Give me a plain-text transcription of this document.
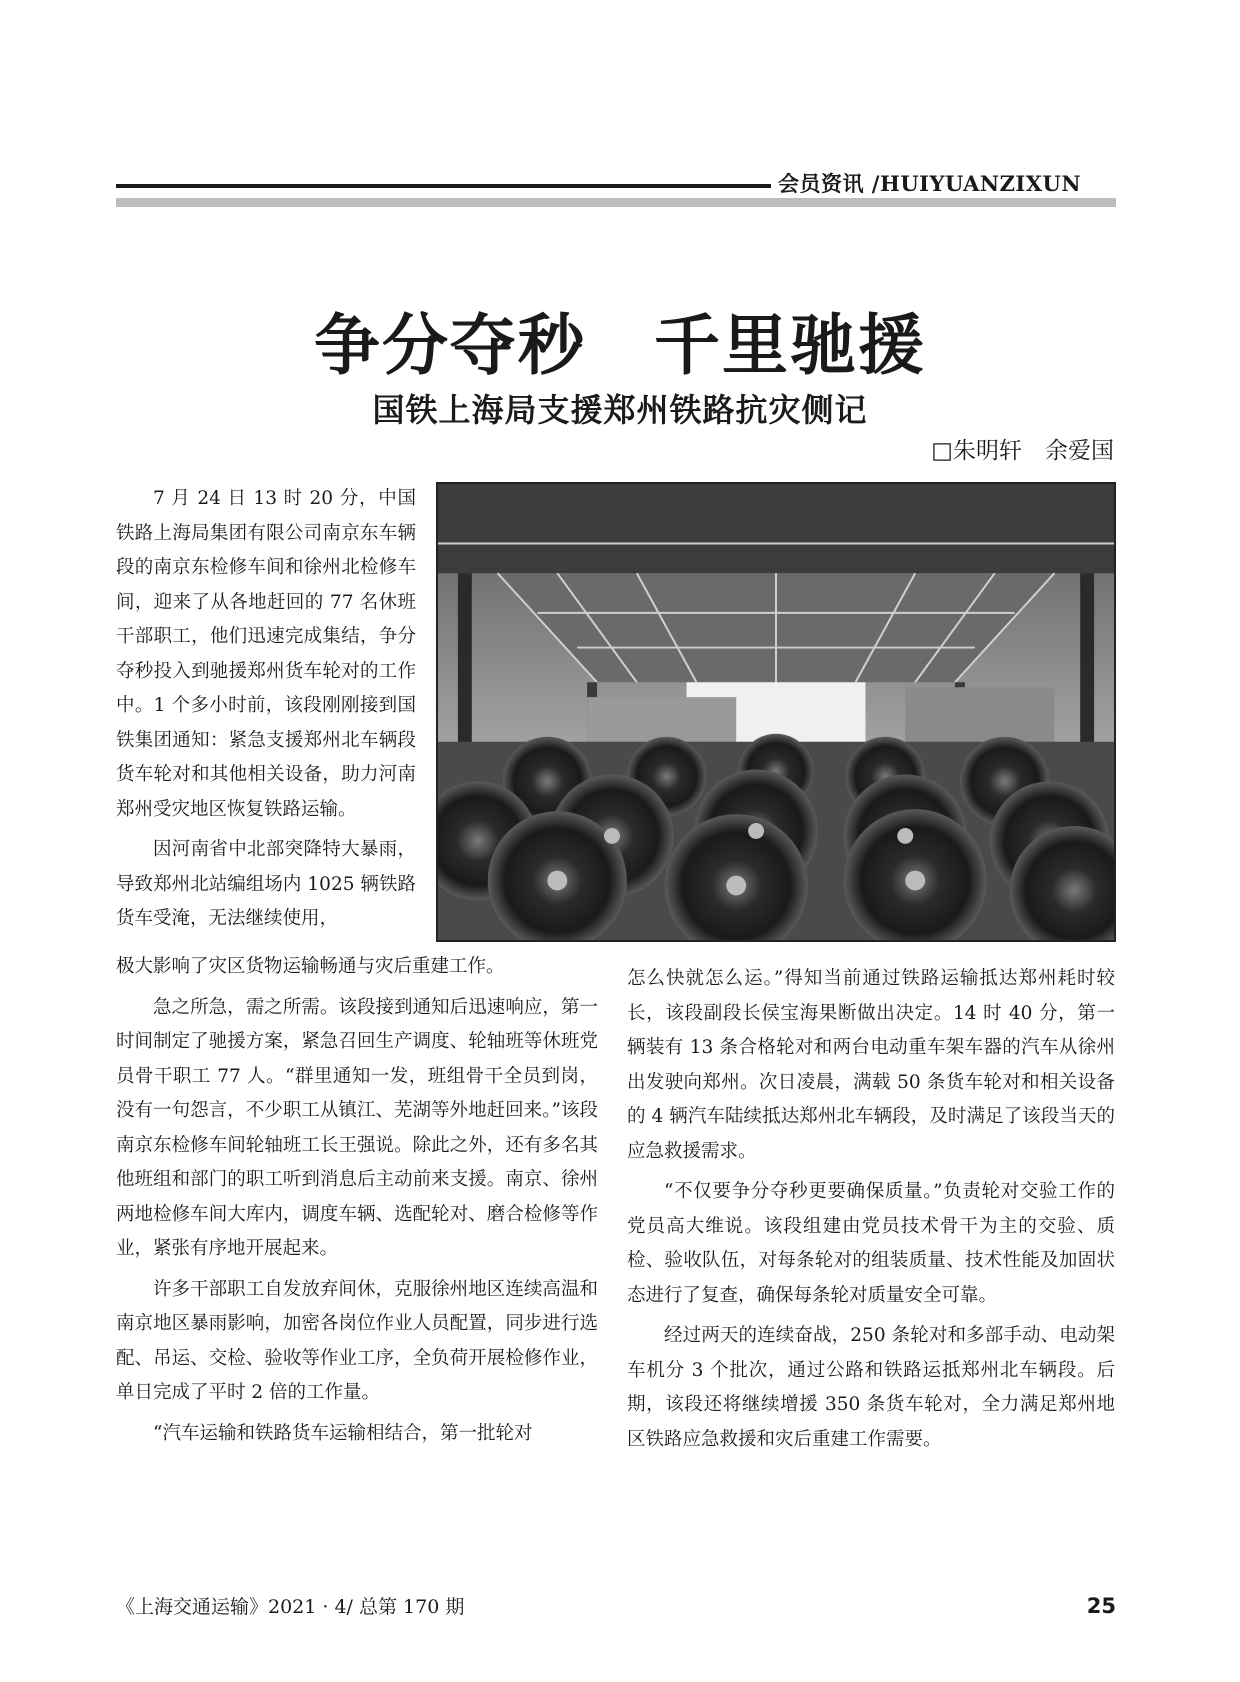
会员资讯 /HUIYUANZIXUN
争分夺秒　千里驰援
国铁上海局支援郑州铁路抗灾侧记
□朱明轩　余爱国

7 月 24 日 13 时 20 分，中国铁路上海局集团有限公司南京东车辆段的南京东检修车间和徐州北检修车间，迎来了从各地赶回的 77 名休班干部职工，他们迅速完成集结，争分夺秒投入到驰援郑州货车轮对的工作中。1 个多小时前，该段刚刚接到国铁集团通知：紧急支援郑州北车辆段货车轮对和其他相关设备，助力河南郑州受灾地区恢复铁路运输。

因河南省中北部突降特大暴雨，导致郑州北站编组场内 1025 辆铁路货车受淹，无法继续使用，

极大影响了灾区货物运输畅通与灾后重建工作。

急之所急，需之所需。该段接到通知后迅速响应，第一时间制定了驰援方案，紧急召回生产调度、轮轴班等休班党员骨干职工 77 人。“群里通知一发，班组骨干全员到岗，没有一句怨言，不少职工从镇江、芜湖等外地赶回来。”该段南京东检修车间轮轴班工长王强说。除此之外，还有多名其他班组和部门的职工听到消息后主动前来支援。南京、徐州两地检修车间大库内，调度车辆、选配轮对、磨合检修等作业，紧张有序地开展起来。

许多干部职工自发放弃间休，克服徐州地区连续高温和南京地区暴雨影响，加密各岗位作业人员配置，同步进行选配、吊运、交检、验收等作业工序，全负荷开展检修作业，单日完成了平时 2 倍的工作量。

“汽车运输和铁路货车运输相结合，第一批轮对

怎么快就怎么运。”得知当前通过铁路运输抵达郑州耗时较长，该段副段长侯宝海果断做出决定。14 时 40 分，第一辆装有 13 条合格轮对和两台电动重车架车器的汽车从徐州出发驶向郑州。次日凌晨，满载 50 条货车轮对和相关设备的 4 辆汽车陆续抵达郑州北车辆段，及时满足了该段当天的应急救援需求。

“不仅要争分夺秒更要确保质量。”负责轮对交验工作的党员高大维说。该段组建由党员技术骨干为主的交验、质检、验收队伍，对每条轮对的组装质量、技术性能及加固状态进行了复查，确保每条轮对质量安全可靠。

经过两天的连续奋战，250 条轮对和多部手动、电动架车机分 3 个批次，通过公路和铁路运抵郑州北车辆段。后期，该段还将继续增援 350 条货车轮对，全力满足郑州地区铁路应急救援和灾后重建工作需要。

《上海交通运输》2021 · 4/ 总第 170 期	25
